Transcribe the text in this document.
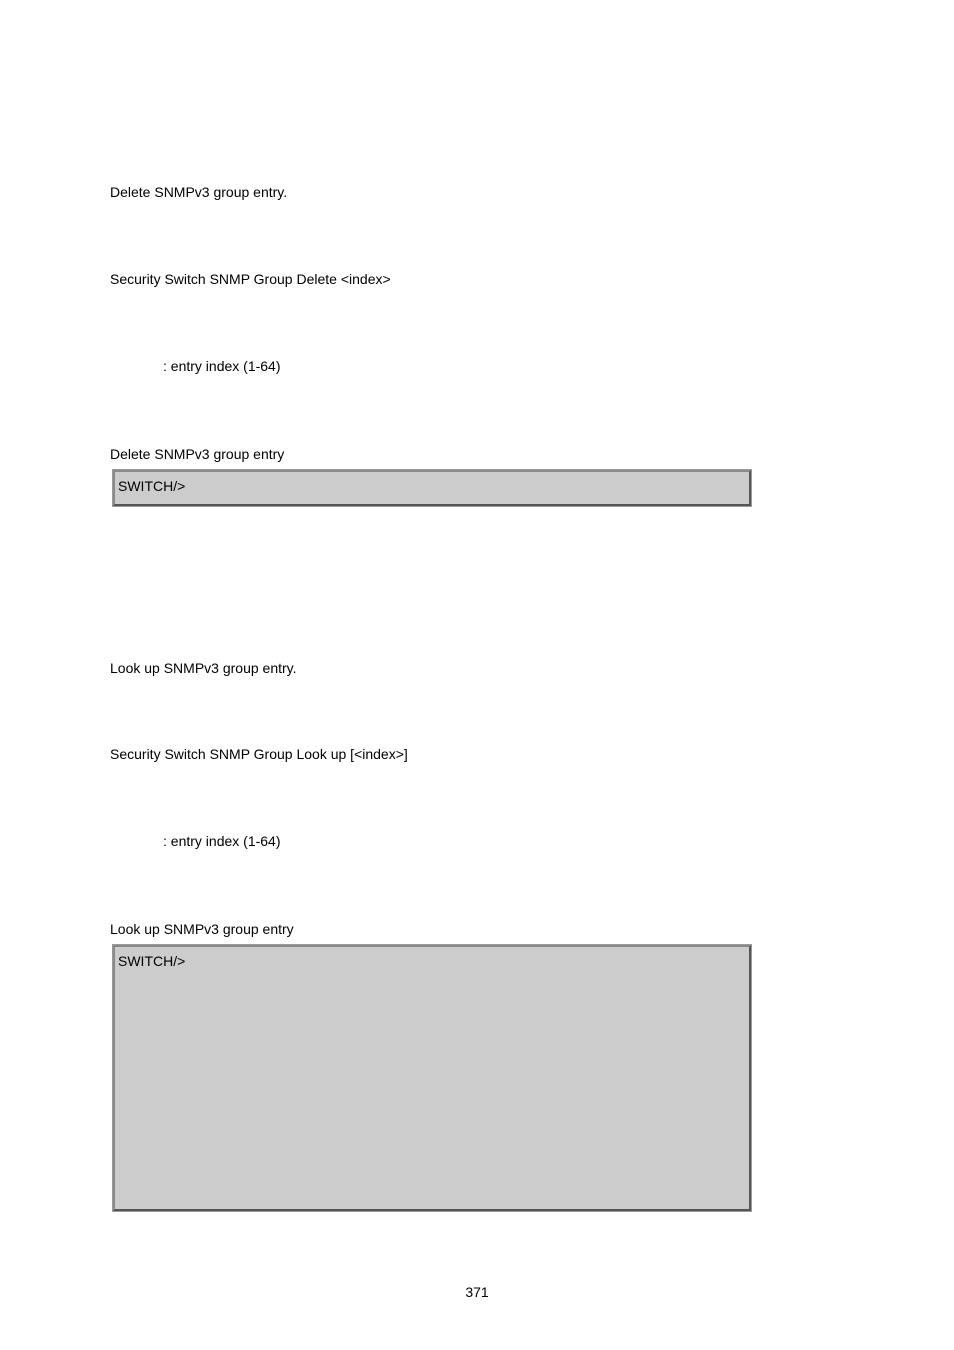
Delete SNMPv3 group entry.
Security Switch SNMP Group Delete <index>
: entry index (1-64)
Delete SNMPv3 group entry
SWITCH/>
Look up SNMPv3 group entry.
Security Switch SNMP Group Look up [<index>]
: entry index (1-64)
Look up SNMPv3 group entry
SWITCH/>
371
